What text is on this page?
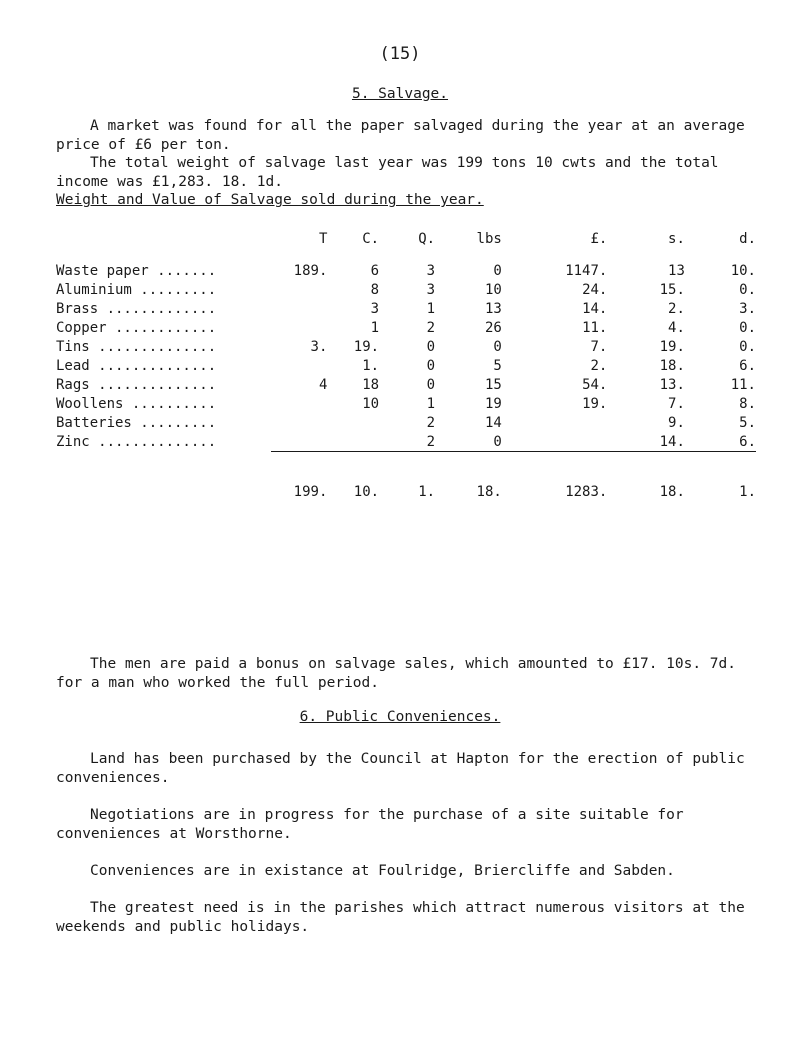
(15)
5. Salvage.
A market was found for all the paper salvaged during the year at an average price of £6 per ton.
The total weight of salvage last year was 199 tons 10 cwts and the total income was £1,283. 18. 1d.
Weight and Value of Salvage sold during the year.
	T	C.	Q.	lbs	£.	s.	d.
Waste paper .......	189.	6	3	0	1147.	13	10.
Aluminium .........		8	3	10	24.	15.	0.
Brass .............		3	1	13	14.	2.	3.
Copper ............		1	2	26	11.	4.	0.
Tins ..............	3.	19.	0	0	7.	19.	0.
Lead ..............		1.	0	5	2.	18.	6.
Rags ..............	4	18	0	15	54.	13.	11.
Woollens ..........		10	1	19	19.	7.	8.
Batteries .........			2	14		9.	5.
Zinc ..............			2	0		14.	6.

	199.	10.	1.	18.	1283.	18.	1.
The men are paid a bonus on salvage sales, which amounted to £17. 10s. 7d. for a man who worked the full period.
6. Public Conveniences.
Land has been purchased by the Council at Hapton for the erection of public conveniences.
Negotiations are in progress for the purchase of a site suitable for conveniences at Worsthorne.
Conveniences are in existance at Foulridge, Briercliffe and Sabden.
The greatest need is in the parishes which attract numerous visitors at the weekends and public holidays.
